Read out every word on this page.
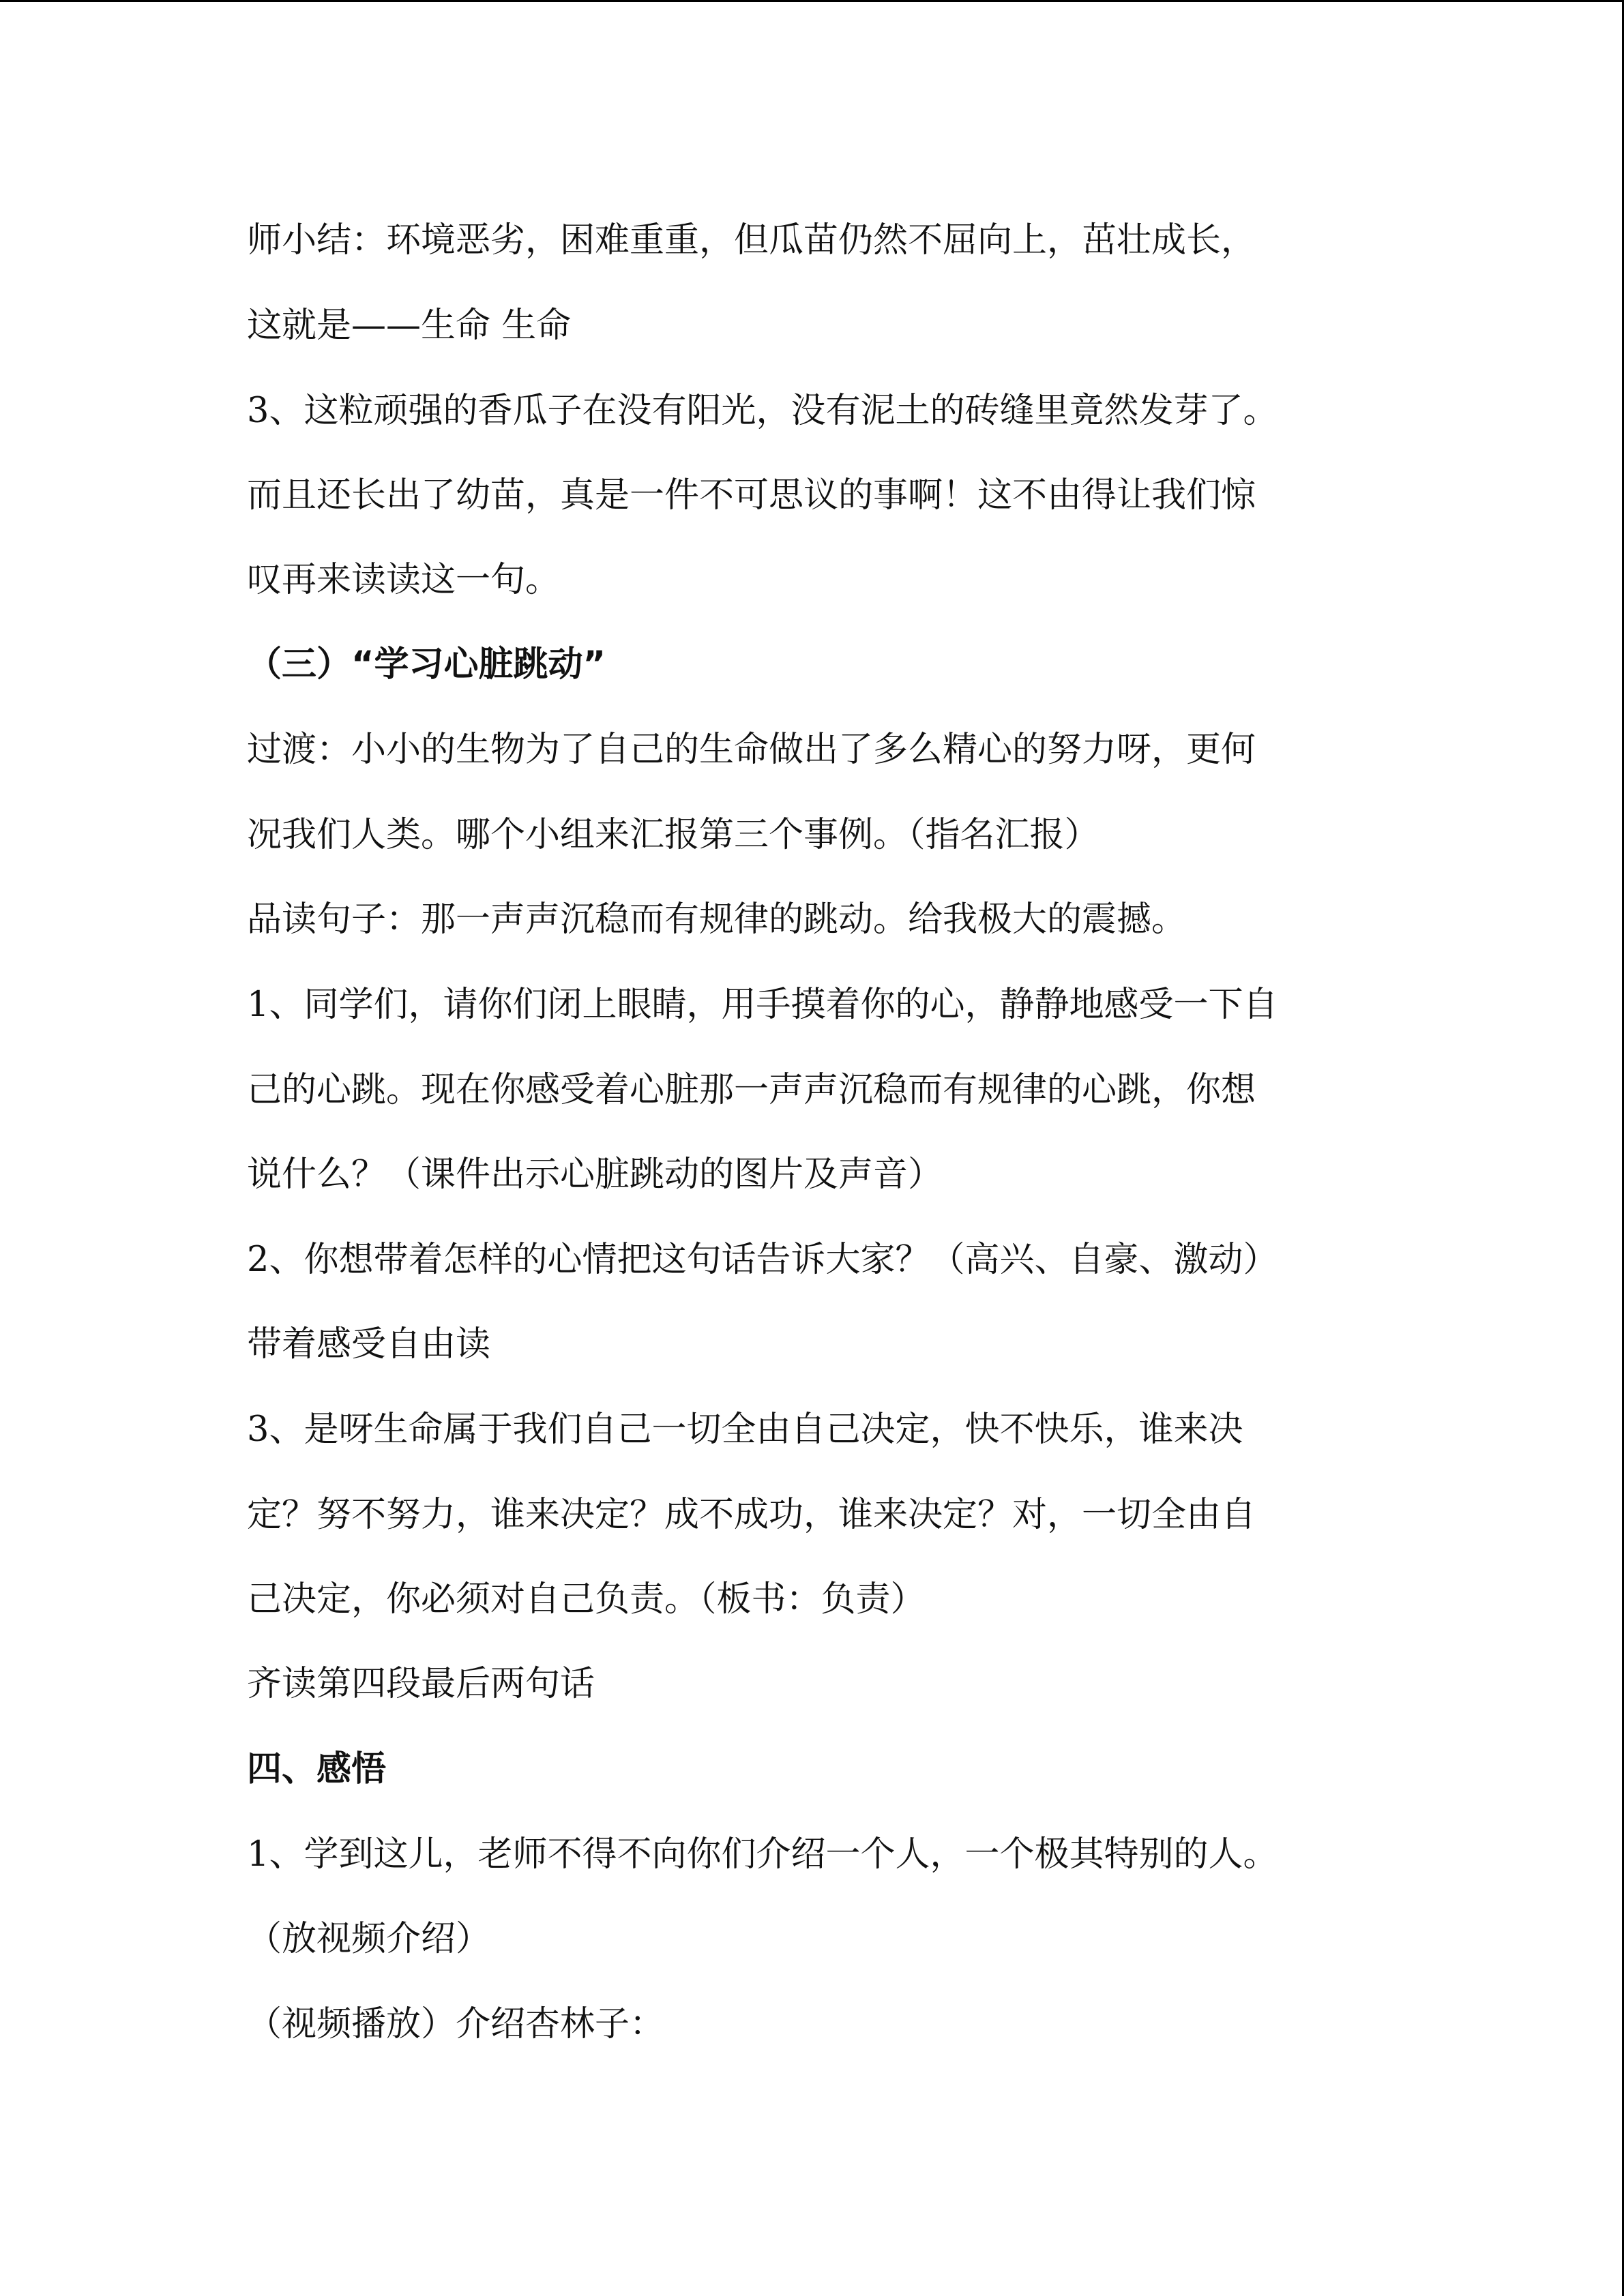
师小结：环境恶劣，困难重重，但瓜苗仍然不屈向上，茁壮成长，
这就是——生命 生命
3、这粒顽强的香瓜子在没有阳光，没有泥土的砖缝里竟然发芽了。
而且还长出了幼苗，真是一件不可思议的事啊！这不由得让我们惊
叹再来读读这一句。
（三）“学习心脏跳动”
过渡：小小的生物为了自己的生命做出了多么精心的努力呀，更何
况我们人类。哪个小组来汇报第三个事例。（指名汇报）
品读句子：那一声声沉稳而有规律的跳动。给我极大的震撼。
1、同学们，请你们闭上眼睛，用手摸着你的心，静静地感受一下自
己的心跳。现在你感受着心脏那一声声沉稳而有规律的心跳，你想
说什么？（课件出示心脏跳动的图片及声音）
2、你想带着怎样的心情把这句话告诉大家？（高兴、自豪、激动）
带着感受自由读
3、是呀生命属于我们自己一切全由自己决定，快不快乐，谁来决
定？努不努力，谁来决定？成不成功，谁来决定？对，一切全由自
己决定，你必须对自己负责。（板书：负责）
齐读第四段最后两句话
四、感悟
1、学到这儿，老师不得不向你们介绍一个人，一个极其特别的人。
（放视频介绍）
（视频播放）介绍杏林子：
